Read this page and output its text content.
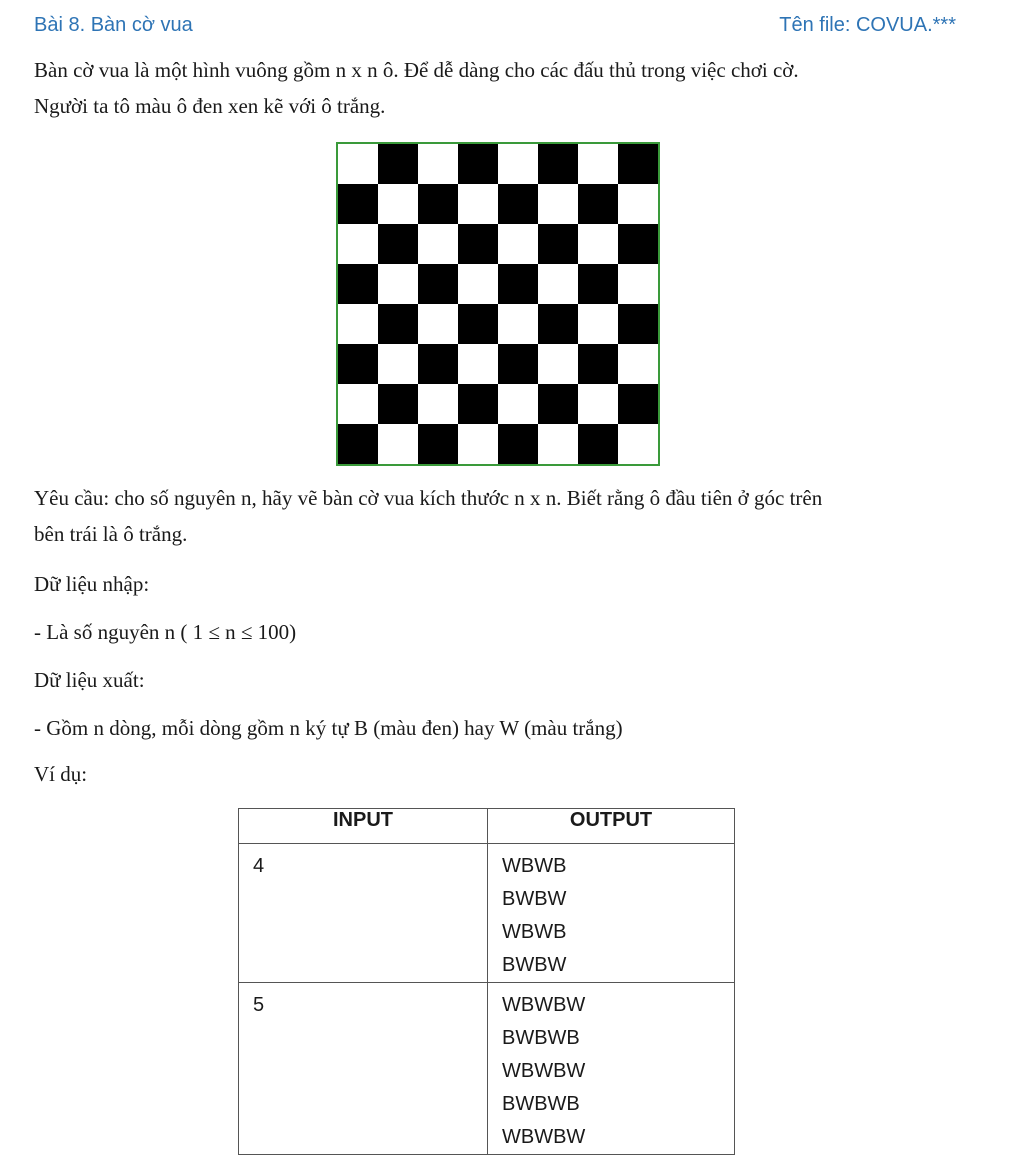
Bài 8. Bàn cờ vua	Tên file: COVUA.***

Bàn cờ vua là một hình vuông gồm n x n ô. Để dễ dàng cho các đấu thủ trong việc chơi cờ.

Người ta tô màu ô đen xen kẽ với ô trắng.

Yêu cầu: cho số nguyên n, hãy vẽ bàn cờ vua kích thước n x n. Biết rằng ô đầu tiên ở góc trên

bên trái là ô trắng.

Dữ liệu nhập:

- Là số nguyên n ( 1 ≤ n ≤ 100)

Dữ liệu xuất:

- Gồm n dòng, mỗi dòng gồm n ký tự B (màu đen) hay W (màu trắng)

Ví dụ:

INPUT	OUTPUT

4	WBWB
BWBW
WBWB
BWBW

5	WBWBW
BWBWB
WBWBW
BWBWB
WBWBW
